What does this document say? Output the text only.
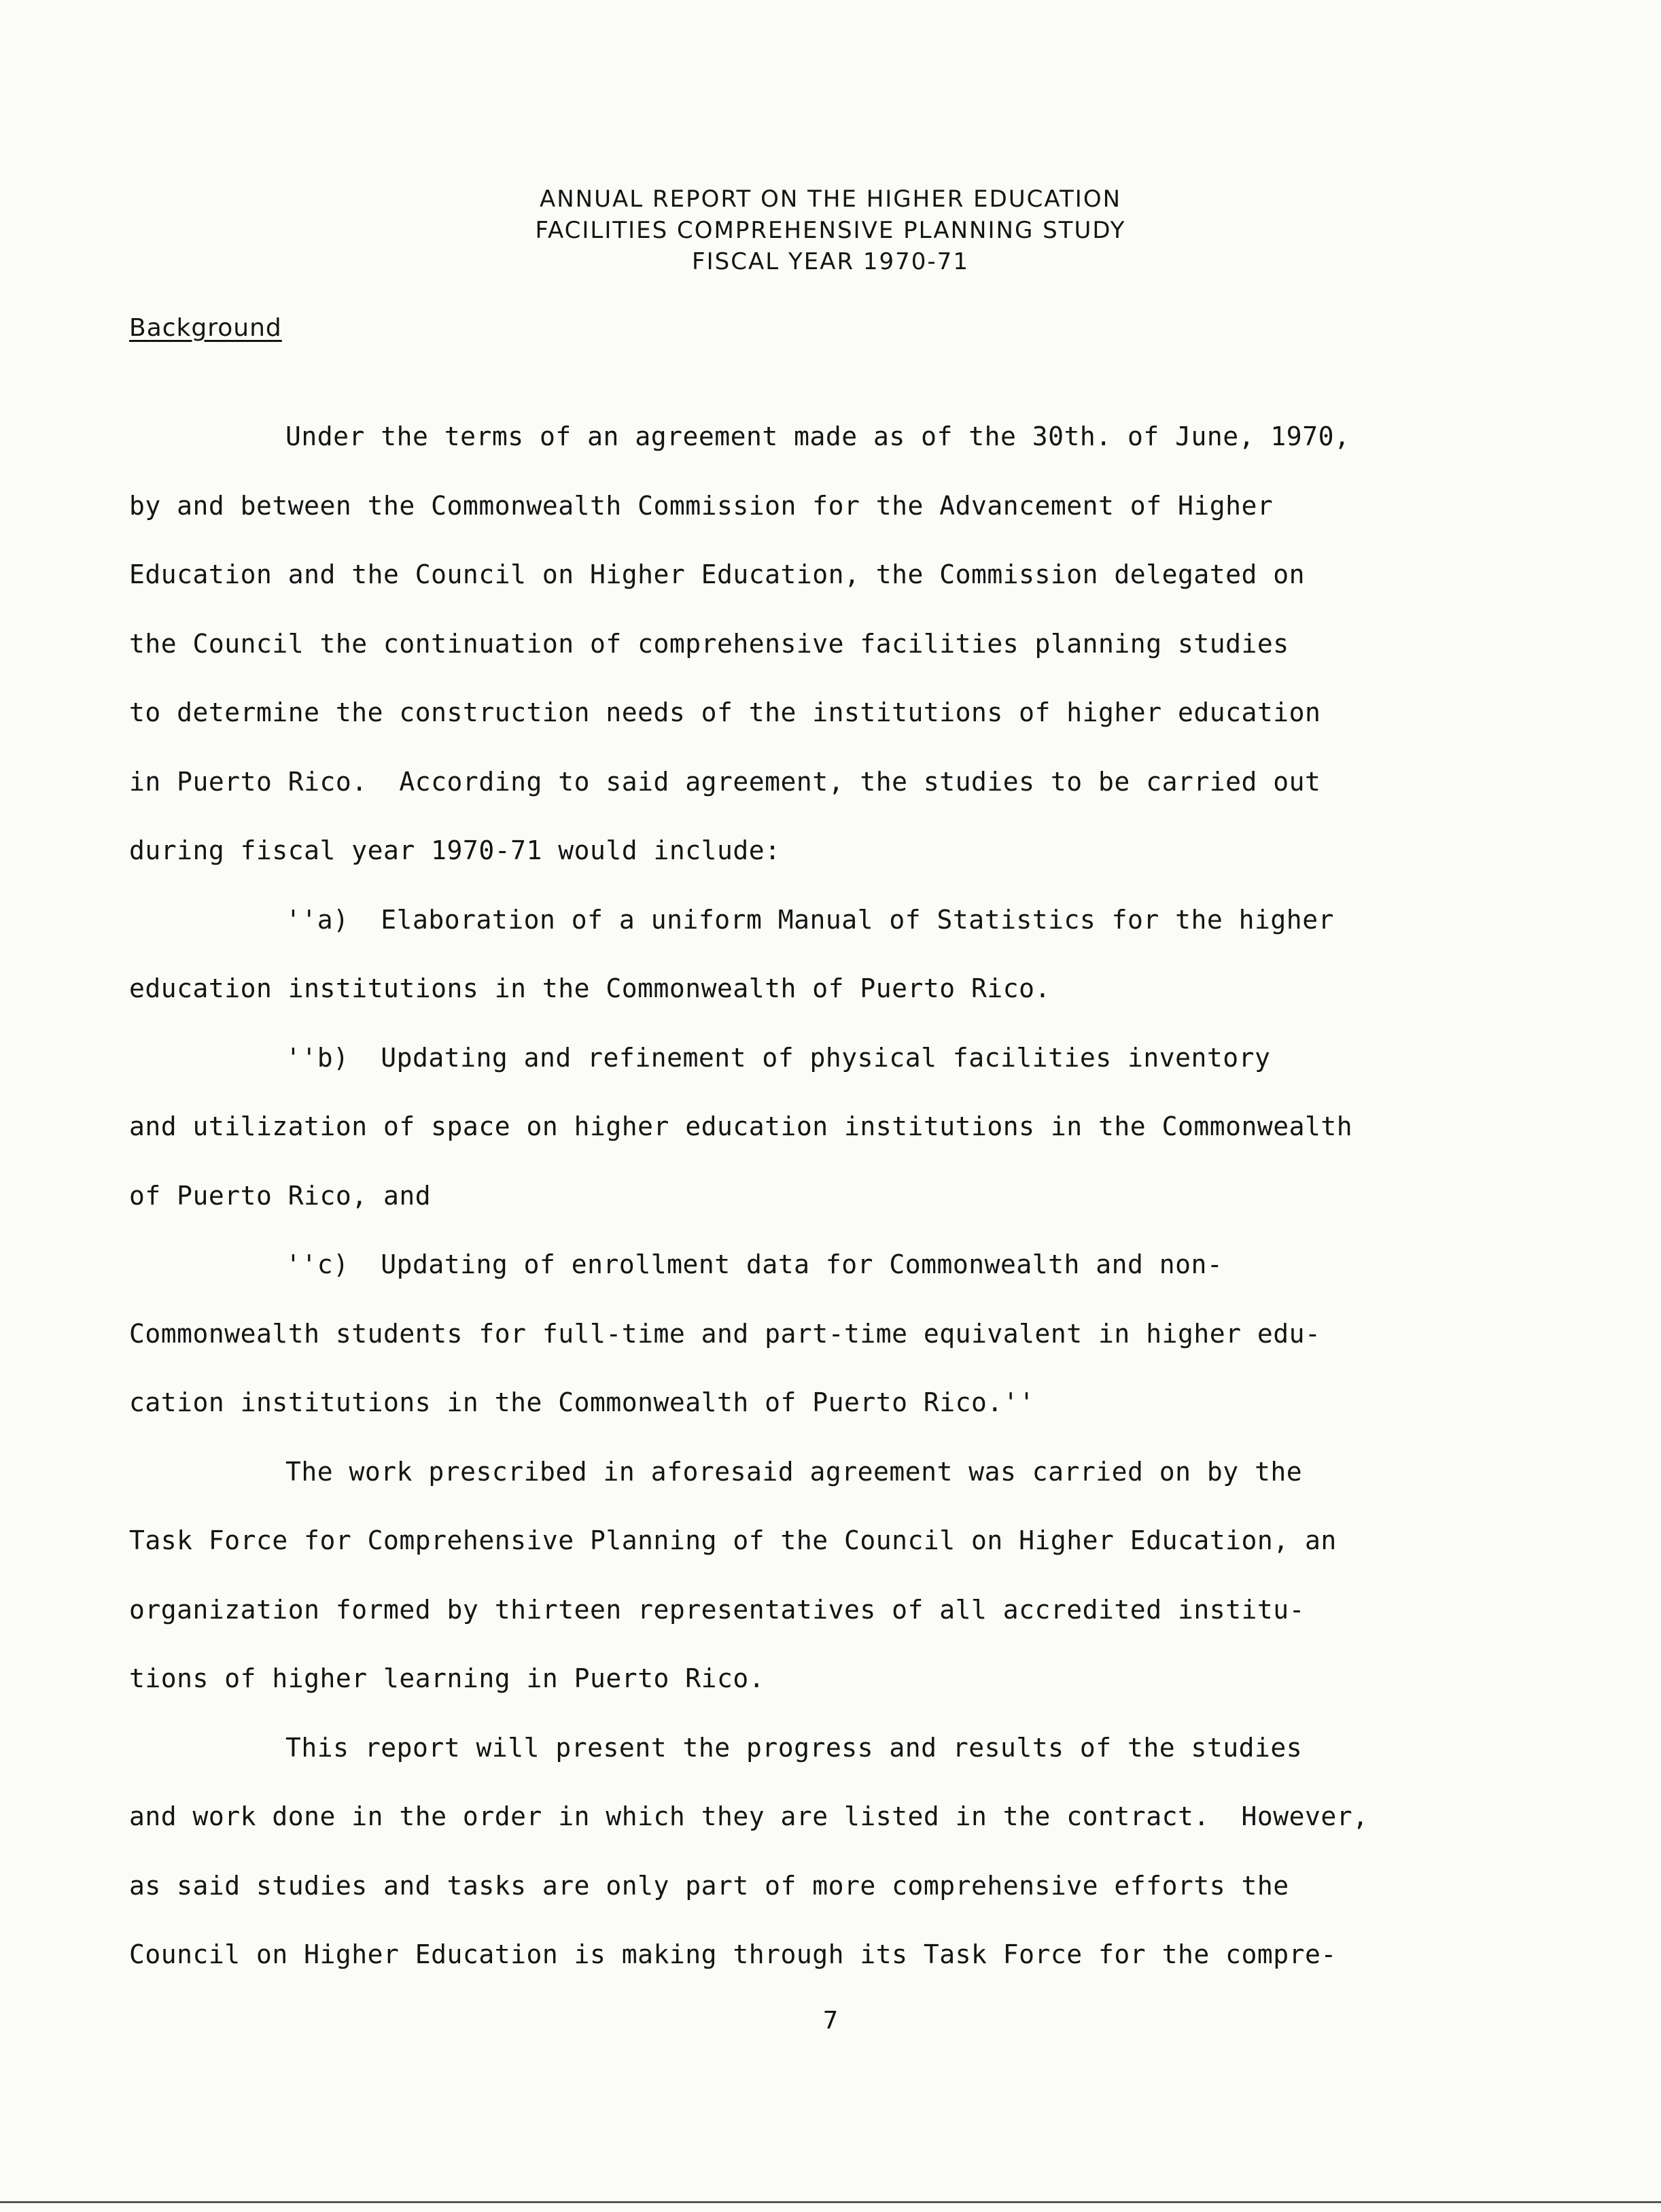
ANNUAL REPORT ON THE HIGHER EDUCATION
FACILITIES COMPREHENSIVE PLANNING STUDY
FISCAL YEAR 1970-71
Background
Under the terms of an agreement made as of the 30th. of June, 1970,
by and between the Commonwealth Commission for the Advancement of Higher
Education and the Council on Higher Education, the Commission delegated on
the Council the continuation of comprehensive facilities planning studies
to determine the construction needs of the institutions of higher education
in Puerto Rico.  According to said agreement, the studies to be carried out
during fiscal year 1970-71 would include:
''a)  Elaboration of a uniform Manual of Statistics for the higher
education institutions in the Commonwealth of Puerto Rico.
''b)  Updating and refinement of physical facilities inventory
and utilization of space on higher education institutions in the Commonwealth
of Puerto Rico, and
''c)  Updating of enrollment data for Commonwealth and non-
Commonwealth students for full-time and part-time equivalent in higher edu-
cation institutions in the Commonwealth of Puerto Rico.''
The work prescribed in aforesaid agreement was carried on by the
Task Force for Comprehensive Planning of the Council on Higher Education, an
organization formed by thirteen representatives of all accredited institu-
tions of higher learning in Puerto Rico.
This report will present the progress and results of the studies
and work done in the order in which they are listed in the contract.  However,
as said studies and tasks are only part of more comprehensive efforts the
Council on Higher Education is making through its Task Force for the compre-
7
